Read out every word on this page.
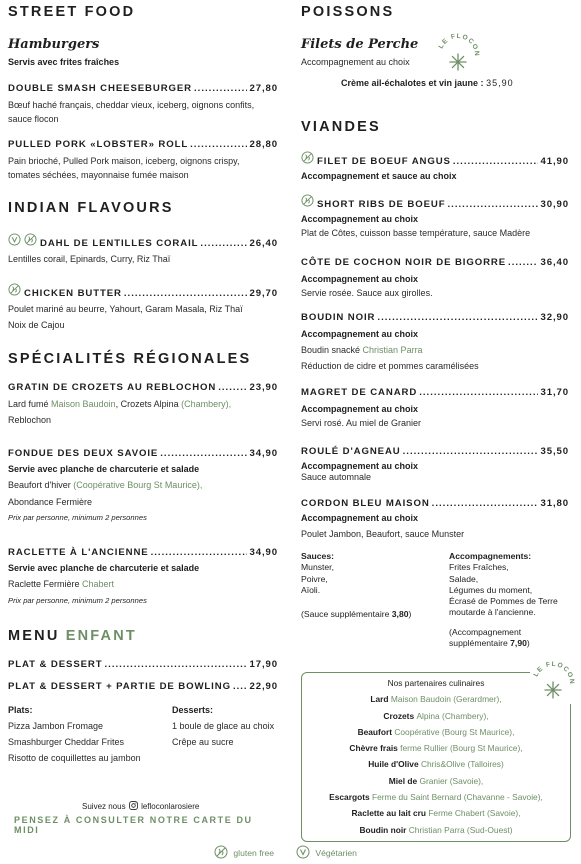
STREET FOOD
Hamburgers
Servis avec frites fraîches
DOUBLE SMASH CHEESEBURGER .....	27,80
Bœuf haché français, cheddar vieux, iceberg, oignons confits,
sauce flocon
PULLED PORK «LOBSTER» ROLL .....	28,80
Pain brioché, Pulled Pork maison, iceberg, oignons crispy,
tomates séchées, mayonnaise fumée maison
INDIAN FLAVOURS
DAHL DE LENTILLES CORAIL .....	26,40
Lentilles corail, Epinards, Curry, Riz Thaï
CHICKEN BUTTER .....	29,70
Poulet mariné au beurre, Yahourt, Garam Masala, Riz Thaï
Noix de Cajou
SPÉCIALITÉS RÉGIONALES
GRATIN DE CROZETS AU REBLOCHON .....	23,90
Lard fumé Maison Baudoin, Crozets Alpina (Chambery),
Reblochon
FONDUE DES DEUX SAVOIE .....	34,90
Servie avec planche de charcuterie et salade
Beaufort d'hiver (Coopérative Bourg St Maurice),
Abondance Fermière
Prix par personne, minimum 2 personnes
RACLETTE À L'ANCIENNE .....	34,90
Servie avec planche de charcuterie et salade
Raclette Fermière Chabert
Prix par personne, minimum 2 personnes
MENU ENFANT
PLAT & DESSERT .....	17,90
PLAT & DESSERT + PARTIE DE BOWLING ..... 22,90
Plats:
Pizza Jambon Fromage
Smashburger Cheddar Frites
Risotto de coquillettes au jambon
Desserts:
1 boule de glace au choix
Crêpe au sucre
Suivez nous lefloconlarosiere
PENSEZ À CONSULTER NOTRE CARTE DU MIDI
POISSONS
Filets de Perche
Accompagnement au choix
Crème ail-échalotes et vin jaune : 35,90
LE FLOCON
VIANDES
FILET DE BOEUF ANGUS .....	41,90
Accompagnement et sauce au choix
SHORT RIBS DE BOEUF .....	30,90
Accompagnement au choix
Plat de Côtes, cuisson basse température, sauce Madère
CÔTE DE COCHON NOIR DE BIGORRE .....	36,40
Accompagnement au choix
Servie rosée. Sauce aux girolles.
BOUDIN NOIR .....	32,90
Accompagnement au choix
Boudin snacké Christian Parra
Réduction de cidre et pommes caramélisées
MAGRET DE CANARD .....	31,70
Accompagnement au choix
Servi rosé. Au miel de Granier
ROULÉ D'AGNEAU .....	35,50
Accompagnement au choix
Sauce automnale
CORDON BLEU MAISON .....	31,80
Accompagnement au choix
Poulet Jambon, Beaufort, sauce Munster
Sauces:
Munster,
Poivre,
Aïoli.
(Sauce supplémentaire 3,80)
Accompagnements:
Frites Fraîches,
Salade,
Légumes du moment,
Écrasé de Pommes de Terre
moutarde à l'ancienne.
(Accompagnement
supplémentaire 7,90)
Nos partenaires culinaires
Lard Maison Baudoin (Gerardmer),
Crozets Alpina (Chambery),
Beaufort Coopérative (Bourg St Maurice),
Chèvre frais ferme Rullier (Bourg St Maurice),
Huile d'Olive Chris&Olive (Talloires)
Miel de Granier (Savoie),
Escargots Ferme du Saint Bernard (Chavanne - Savoie),
Raclette au lait cru Ferme Chabert (Savoie),
Boudin noir Christian Parra (Sud-Ouest)
LE FLOCON
gluten free	Végétarien
